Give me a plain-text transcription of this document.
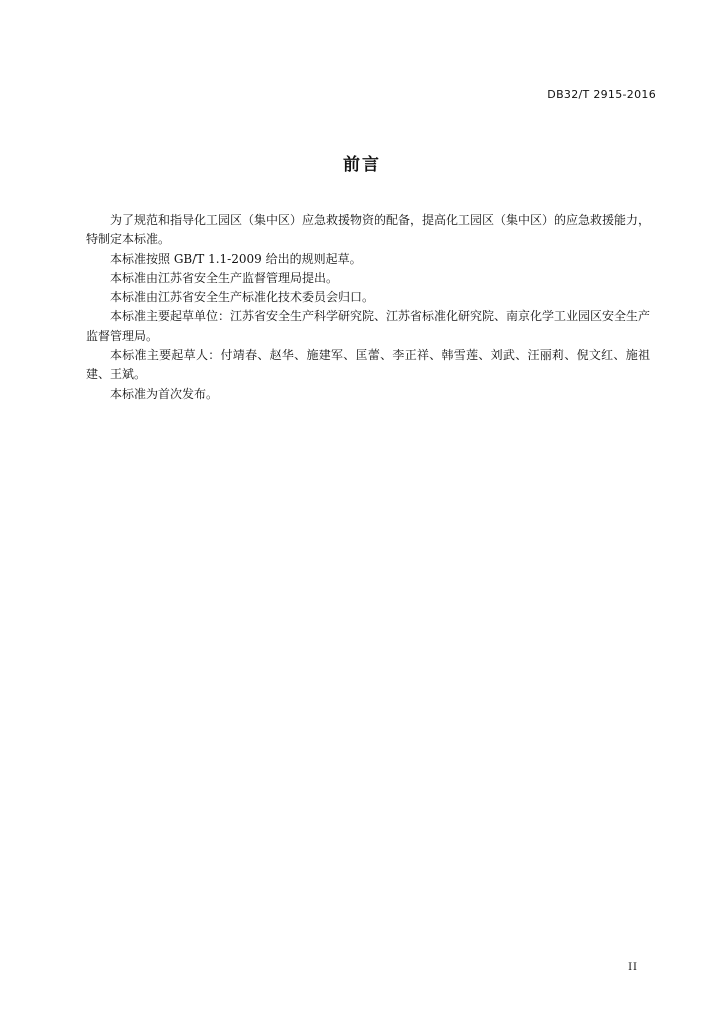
DB32/T 2915-2016
前言

为了规范和指导化工园区（集中区）应急救援物资的配备，提高化工园区（集中区）的应急救援能力，特制定本标准。

本标准按照 GB/T 1.1-2009 给出的规则起草。

本标准由江苏省安全生产监督管理局提出。

本标准由江苏省安全生产标准化技术委员会归口。

本标准主要起草单位：江苏省安全生产科学研究院、江苏省标准化研究院、南京化学工业园区安全生产监督管理局。

本标准主要起草人：付靖春、赵华、施建军、匡蕾、李正祥、韩雪莲、刘武、汪丽莉、倪文红、施祖建、王斌。

本标准为首次发布。

II
